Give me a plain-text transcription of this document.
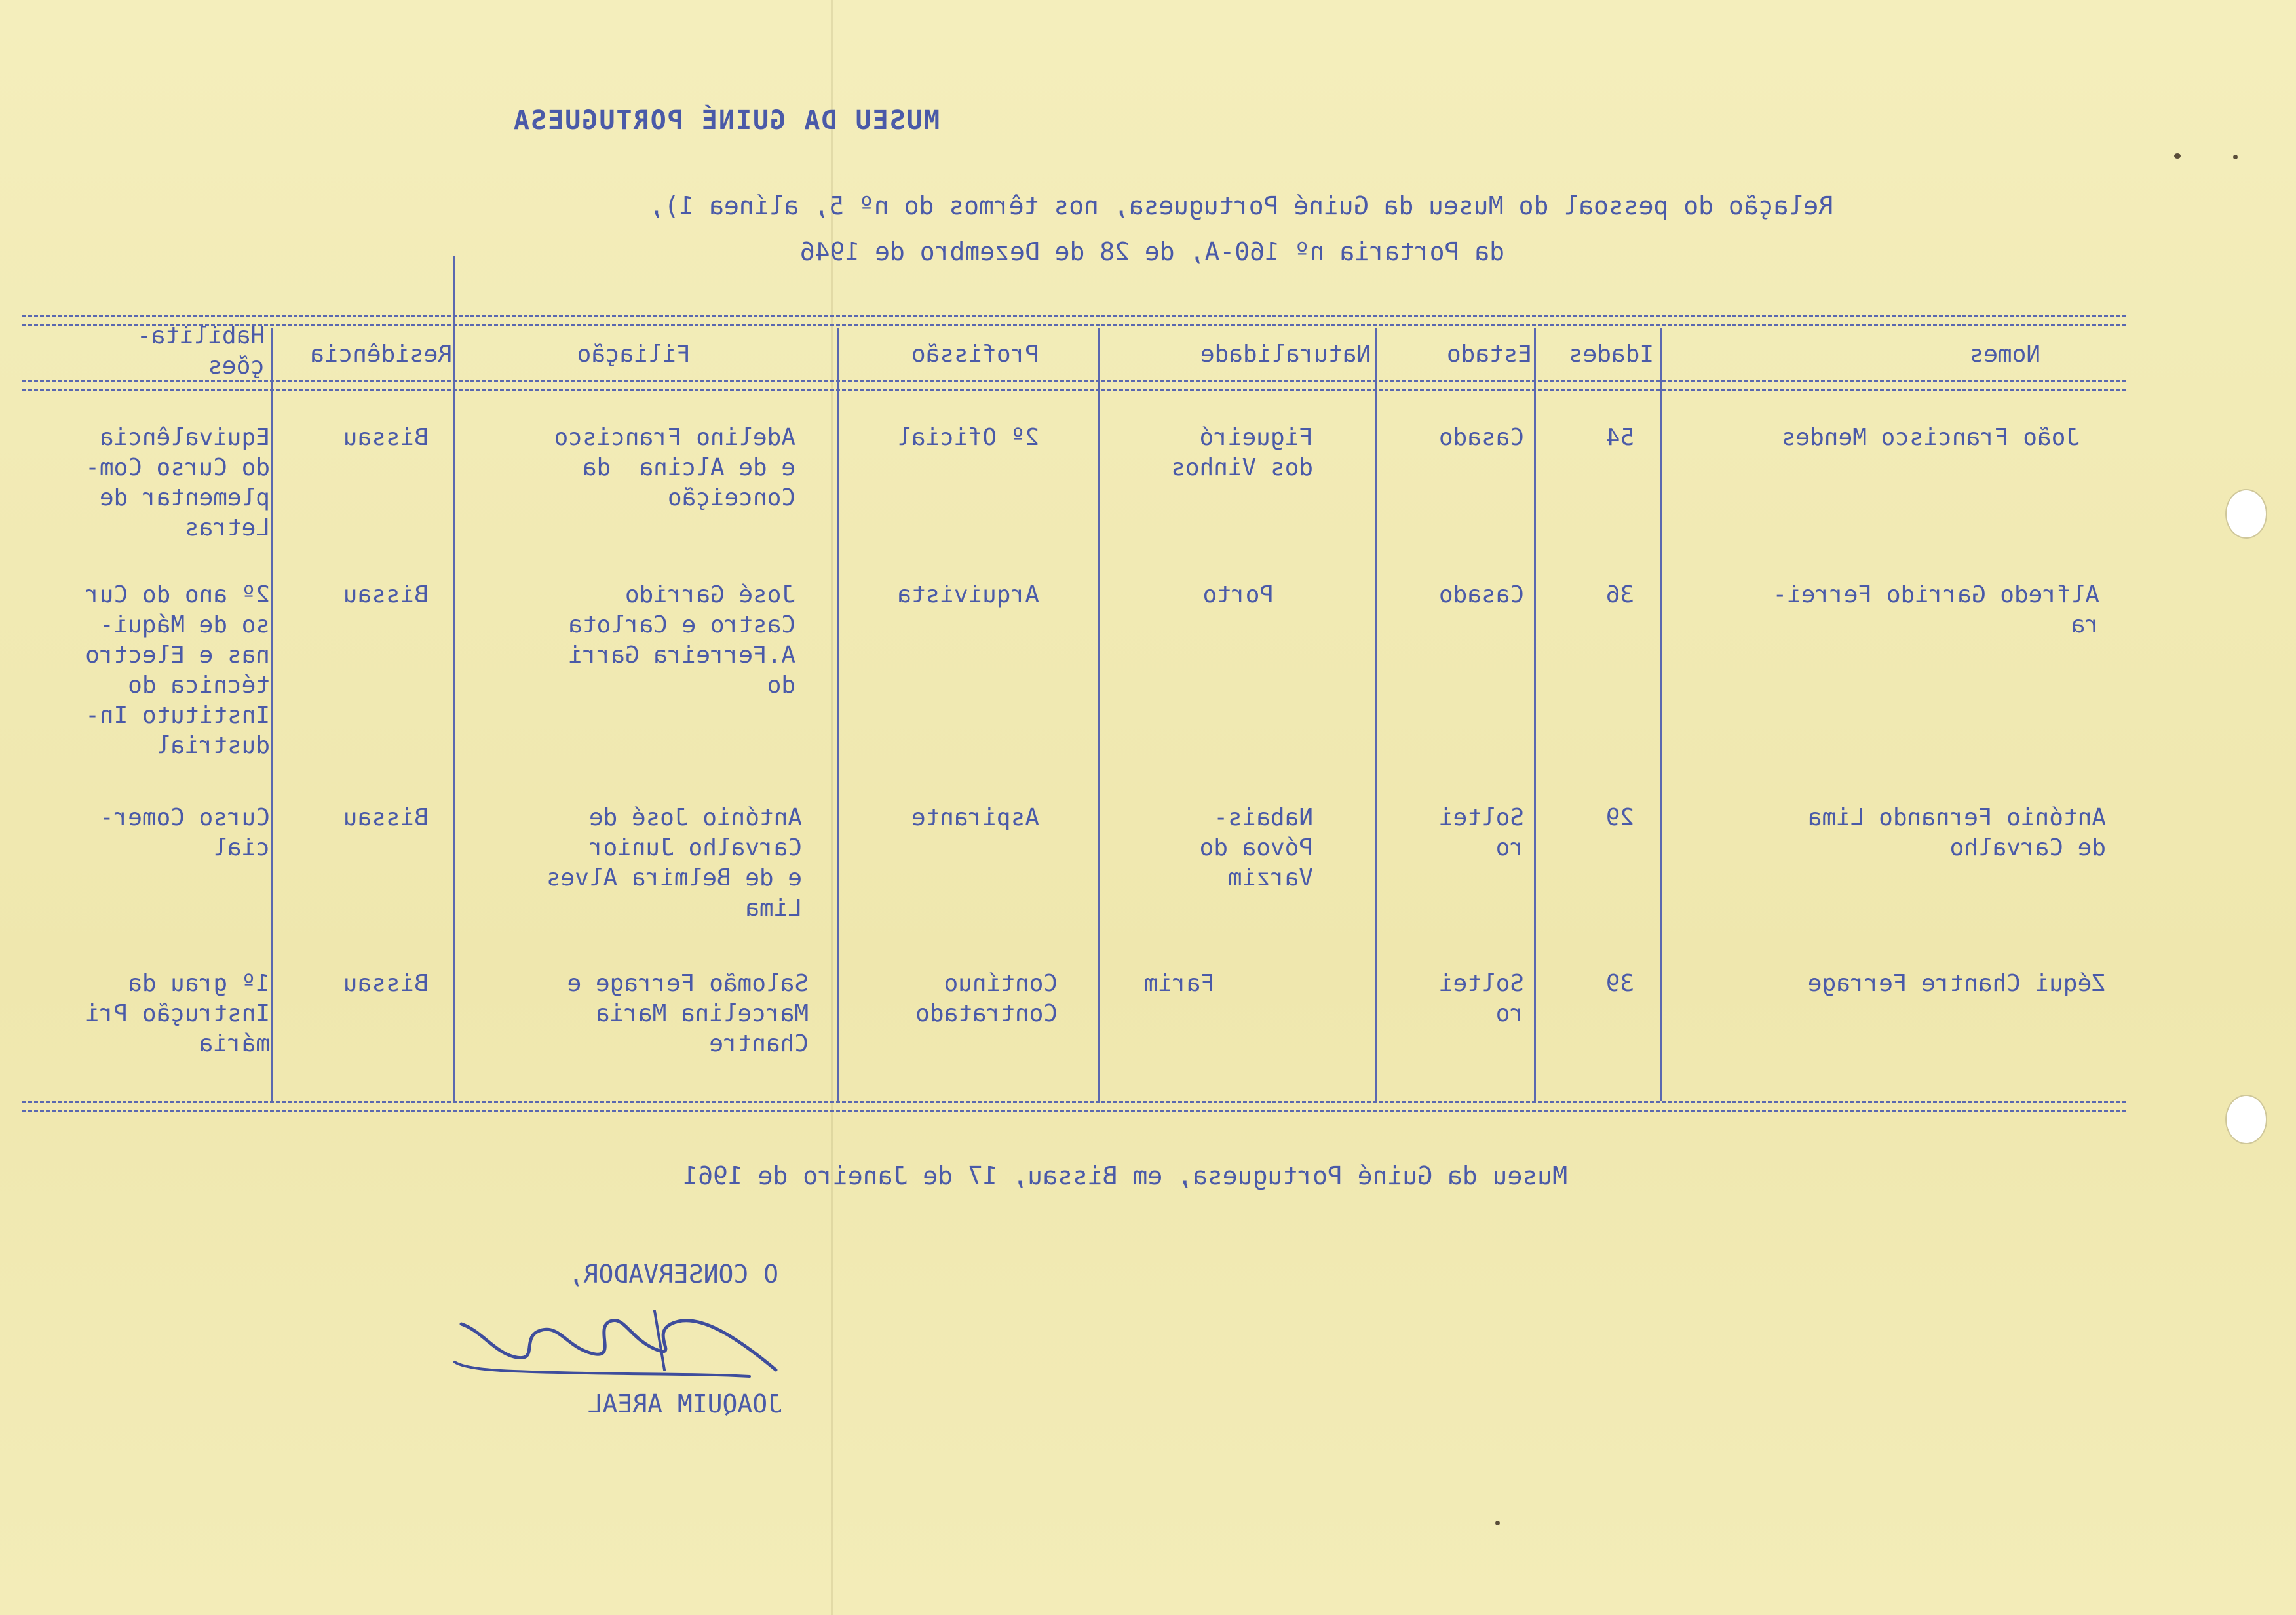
MUSEU DA GUINÉ PORTUGUESA
Relação do pessoal do Museu da Guiné Portuguesa, nos têrmos do nº 5, alínea 1),
da Portaria nº 160-A, de 28 de Dezembro de 1946
Nomes
Idades
Estado
Naturalidade
Profissão
Filiação
Residência
Habilita-
ções
João Francisco Mendes
54
Casado
Figueiró
dos Vinhos
2º Oficial
Adelino Francisco
e de Alcina  da
Conceição
Bissau
Equivalência
do Curso Com-
plementar de
Letras
Alfredo Garrido Ferrei-
ra
36
Casado
Porto
Arquivista
José Garrido
Castro e Carlota
A.Ferreira Garri
do
Bissau
2º ano do Cur
so de Máqui-
nas e Electro
técnica do
Instituto In-
dustrial
António Fernando Lima
de Carvalho
29
Soltei
ro
Nabais-
Póvoa do
Varzim
Aspirante
António José de
Carvalho Junior
e de Belmira Alves
Lima
Bissau
Curso Comer-
cial
Zéqui Chantre Ferrage
39
Soltei
ro
Farim
Contínuo
Contratado
Salomão Ferrage e
Marcelina Maria
Chantre
Bissau
1º grau da
Instrução Pri
mária
Museu da Guiné Portuguesa, em Bissau, 17 de Janeiro de 1961
O CONSERVADOR,
JOAQUIM AREAL
